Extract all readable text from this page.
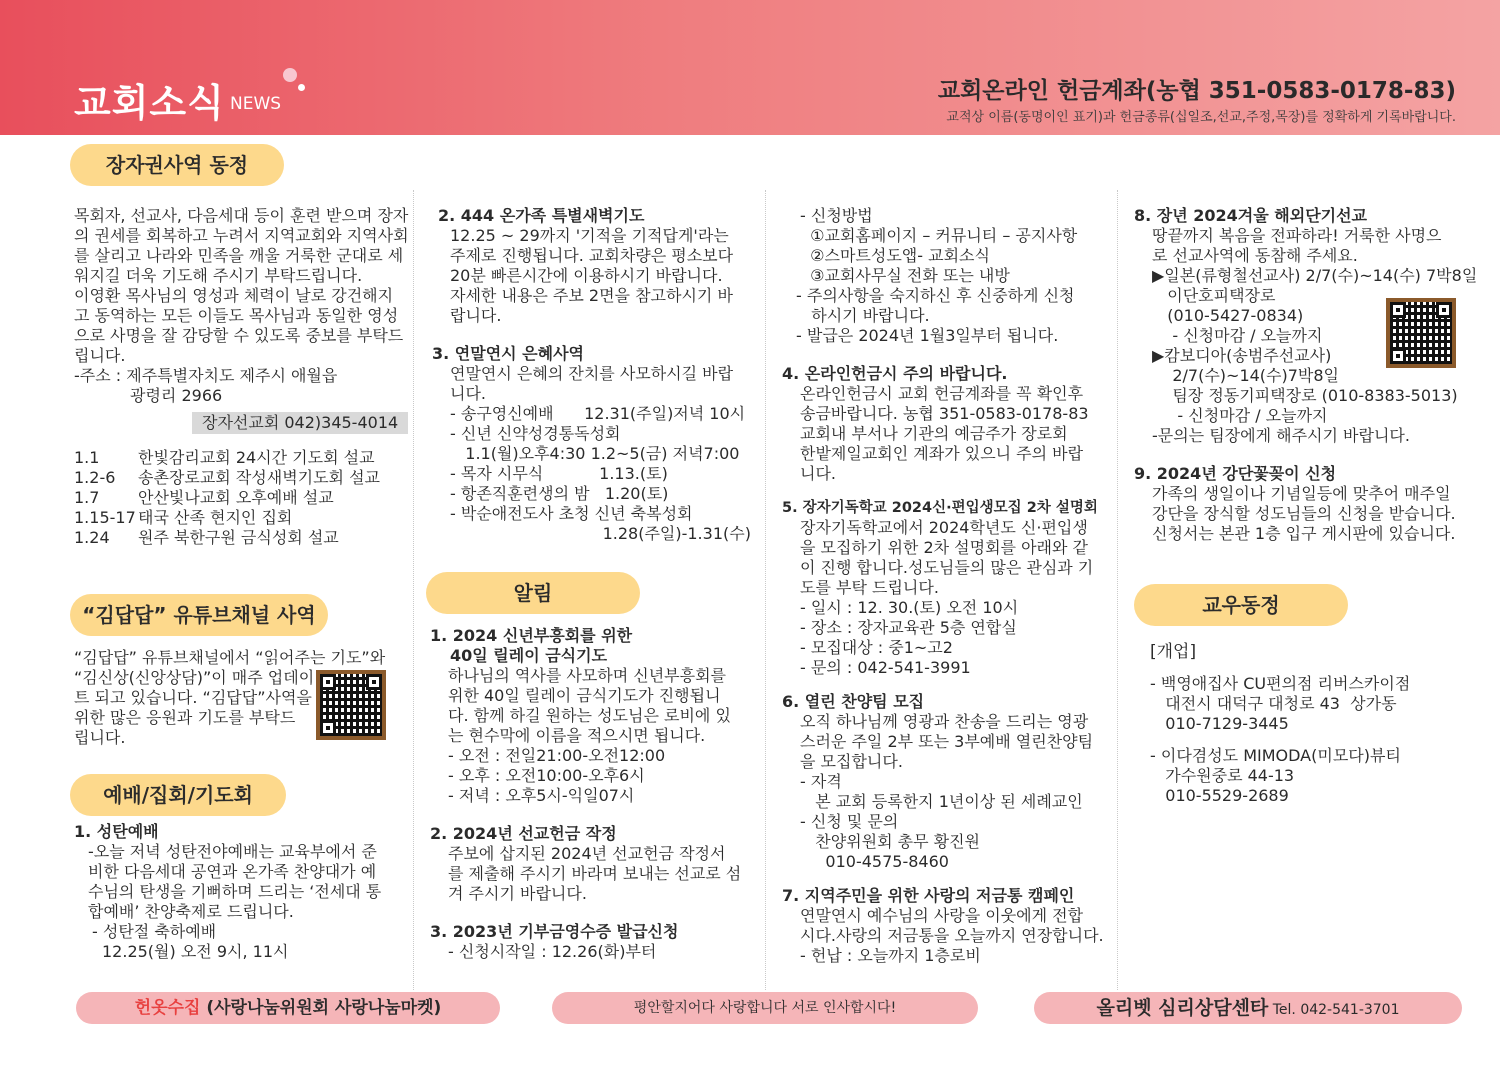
교회소식 NEWS	교회온라인 헌금계좌(농협 351-0583-0178-83)
교적상 이름(동명이인 표기)과 헌금종류(십일조,선교,주정,목장)를 정확하게 기록바랍니다.
장자권사역 동정
목회자, 선교사, 다음세대 등이 훈련 받으며 장자
의 권세를 회복하고 누려서 지역교회와 지역사회
를 살리고 나라와 민족을 깨울 거룩한 군대로 세
워지길 더욱 기도해 주시기 부탁드립니다.
이영환 목사님의 영성과 체력이 날로 강건해지
고 동역하는 모든 이들도 목사님과 동일한 영성
으로 사명을 잘 감당할 수 있도록 중보를 부탁드
립니다.
-주소 : 제주특별자치도 제주시 애월읍
광령리 2966
장자선교회 042)345-4014
1.1	한빛감리교회 24시간 기도회 설교
1.2-6	송촌장로교회 작성새벽기도회 설교
1.7	안산빛나교회 오후예배 설교
1.15-17 태국 산족 현지인 집회
1.24	원주 북한구원 금식성회 설교
“김답답” 유튜브채널 사역
“김답답” 유튜브채널에서 “읽어주는 기도”와
“김신상(신앙상담)”이 매주 업데이
트 되고 있습니다. “김답답”사역을
위한 많은 응원과 기도를 부탁드
립니다.
예배/집회/기도회
1. 성탄예배
-오늘 저녁 성탄전야예배는 교육부에서 준
비한 다음세대 공연과 온가족 찬양대가 예
수님의 탄생을 기뻐하며 드리는 ‘전세대 통
합예배’ 찬양축제로 드립니다.
- 성탄절 축하예배
12.25(월) 오전 9시, 11시
2. 444 온가족 특별새벽기도
12.25 ~ 29까지 '기적을 기적답게'라는
주제로 진행됩니다. 교회차량은 평소보다
20분 빠른시간에 이용하시기 바랍니다.
자세한 내용은 주보 2면을 참고하시기 바
랍니다.
3. 연말연시 은혜사역
연말연시 은혜의 잔치를 사모하시길 바랍
니다.
- 송구영신예배      12.31(주일)저녁 10시
- 신년 신약성경통독성회
1.1(월)오후4:30 1.2~5(금) 저녁7:00
- 목자 시무식           1.13.(토)
- 항존직훈련생의 밤   1.20(토)
- 박순애전도사 초청 신년 축복성회
1.28(주일)-1.31(수)
알림
1. 2024 신년부흥회를 위한
40일 릴레이 금식기도
하나님의 역사를 사모하며 신년부흥회를
위한 40일 릴레이 금식기도가 진행됩니
다. 함께 하길 원하는 성도님은 로비에 있
는 현수막에 이름을 적으시면 됩니다.
- 오전 : 전일21:00-오전12:00
- 오후 : 오전10:00-오후6시
- 저녁 : 오후5시-익일07시
2. 2024년 선교헌금 작정
주보에 삽지된 2024년 선교헌금 작정서
를 제출해 주시기 바라며 보내는 선교로 섬
겨 주시기 바랍니다.
3. 2023년 기부금영수증 발급신청
- 신청시작일 : 12.26(화)부터
- 신청방법
①교회홈페이지 – 커뮤니티 – 공지사항
②스마트성도앱- 교회소식
③교회사무실 전화 또는 내방
- 주의사항을 숙지하신 후 신중하게 신청
하시기 바랍니다.
- 발급은 2024년 1월3일부터 됩니다.
4. 온라인헌금시 주의 바랍니다.
온라인헌금시 교회 헌금계좌를 꼭 확인후
송금바랍니다. 농협 351-0583-0178-83
교회내 부서나 기관의 예금주가 장로회
한밭제일교회인 계좌가 있으니 주의 바랍
니다.
5. 장자기독학교 2024신·편입생모집 2차 설명회
장자기독학교에서 2024학년도 신·편입생
을 모집하기 위한 2차 설명회를 아래와 같
이 진행 합니다.성도님들의 많은 관심과 기
도를 부탁 드립니다.
- 일시 : 12. 30.(토) 오전 10시
- 장소 : 장자교육관 5층 연합실
- 모집대상 : 중1~고2
- 문의 : 042-541-3991
6. 열린 찬양팀 모집
오직 하나님께 영광과 찬송을 드리는 영광
스러운 주일 2부 또는 3부예배 열린찬양팀
을 모집합니다.
- 자격
본 교회 등록한지 1년이상 된 세례교인
- 신청 및 문의
찬양위원회 총무 황진원
010-4575-8460
7. 지역주민을 위한 사랑의 저금통 캠페인
연말연시 예수님의 사랑을 이웃에게 전합
시다.사랑의 저금통을 오늘까지 연장합니다.
- 헌납 : 오늘까지 1층로비
8. 장년 2024겨울 해외단기선교
땅끝까지 복음을 전파하라! 거룩한 사명으
로 선교사역에 동참해 주세요.
▶일본(류형철선교사) 2/7(수)~14(수) 7박8일
이단호피택장로
(010-5427-0834)
- 신청마감 / 오늘까지
▶캄보디아(송범주선교사)
2/7(수)~14(수)7박8일
팀장 정동기피택장로 (010-8383-5013)
- 신청마감 / 오늘까지
-문의는 팀장에게 해주시기 바랍니다.
9. 2024년 강단꽃꽂이 신청
가족의 생일이나 기념일등에 맞추어 매주일
강단을 장식할 성도님들의 신청을 받습니다.
신청서는 본관 1층 입구 게시판에 있습니다.
교우동정
[개업]
- 백영애집사 CU편의점 리버스카이점
대전시 대덕구 대청로 43  상가동
010-7129-3445
- 이다겸성도 MIMODA(미모다)뷰티
가수원중로 44-13
010-5529-2689
헌옷수집 (사랑나눔위원회 사랑나눔마켓)	평안할지어다 사랑합니다 서로 인사합시다!	올리벳 심리상담센타 Tel. 042-541-3701
